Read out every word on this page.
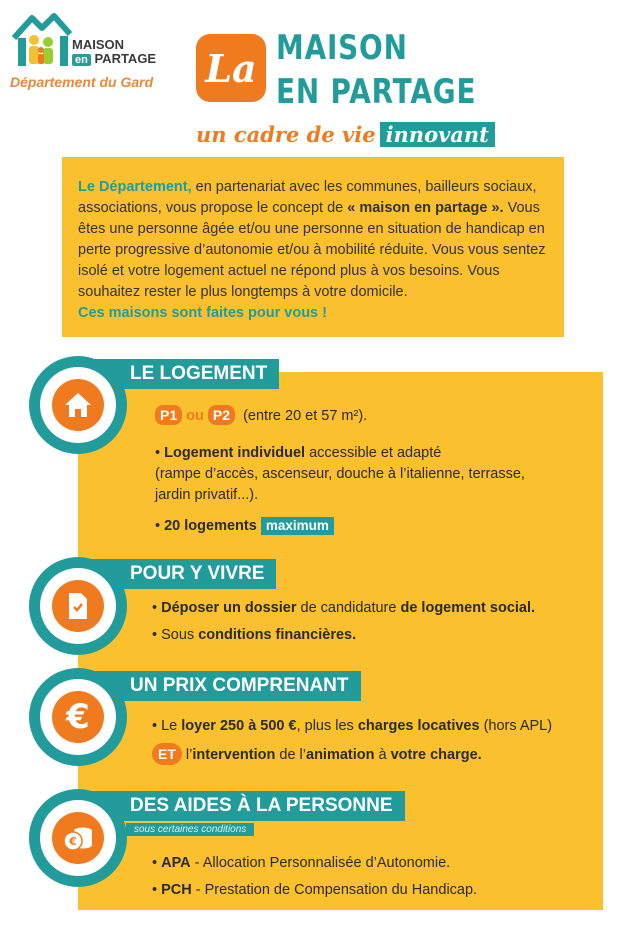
MAISON
en PARTAGE
Département du Gard La MAISON
EN PARTAGE
un cadre de vie innovant
Le Département, en partenariat avec les communes, bailleurs sociaux, associations, vous propose le concept de « maison en partage ». Vous êtes une personne âgée et/ou une personne en situation de handicap en perte progressive d’autonomie et/ou à mobilité réduite. Vous vous sentez isolé et votre logement actuel ne répond plus à vos besoins. Vous souhaitez rester le plus longtemps à votre domicile.
Ces maisons sont faites pour vous !
LE LOGEMENT
P1 ou P2 (entre 20 et 57 m²).
• Logement individuel accessible et adapté
(rampe d’accès, ascenseur, douche à l’italienne, terrasse,
jardin privatif...).
• 20 logements maximum
POUR Y VIVRE
• Déposer un dossier de candidature de logement social.
• Sous conditions financières.
UN PRIX COMPRENANT
€	• Le loyer 250 à 500 €, plus les charges locatives (hors APL)
ET l’intervention de l’animation à votre charge.
DES AIDES À LA PERSONNE
sous certaines conditions
€
• APA - Allocation Personnalisée d’Autonomie.
• PCH - Prestation de Compensation du Handicap.
